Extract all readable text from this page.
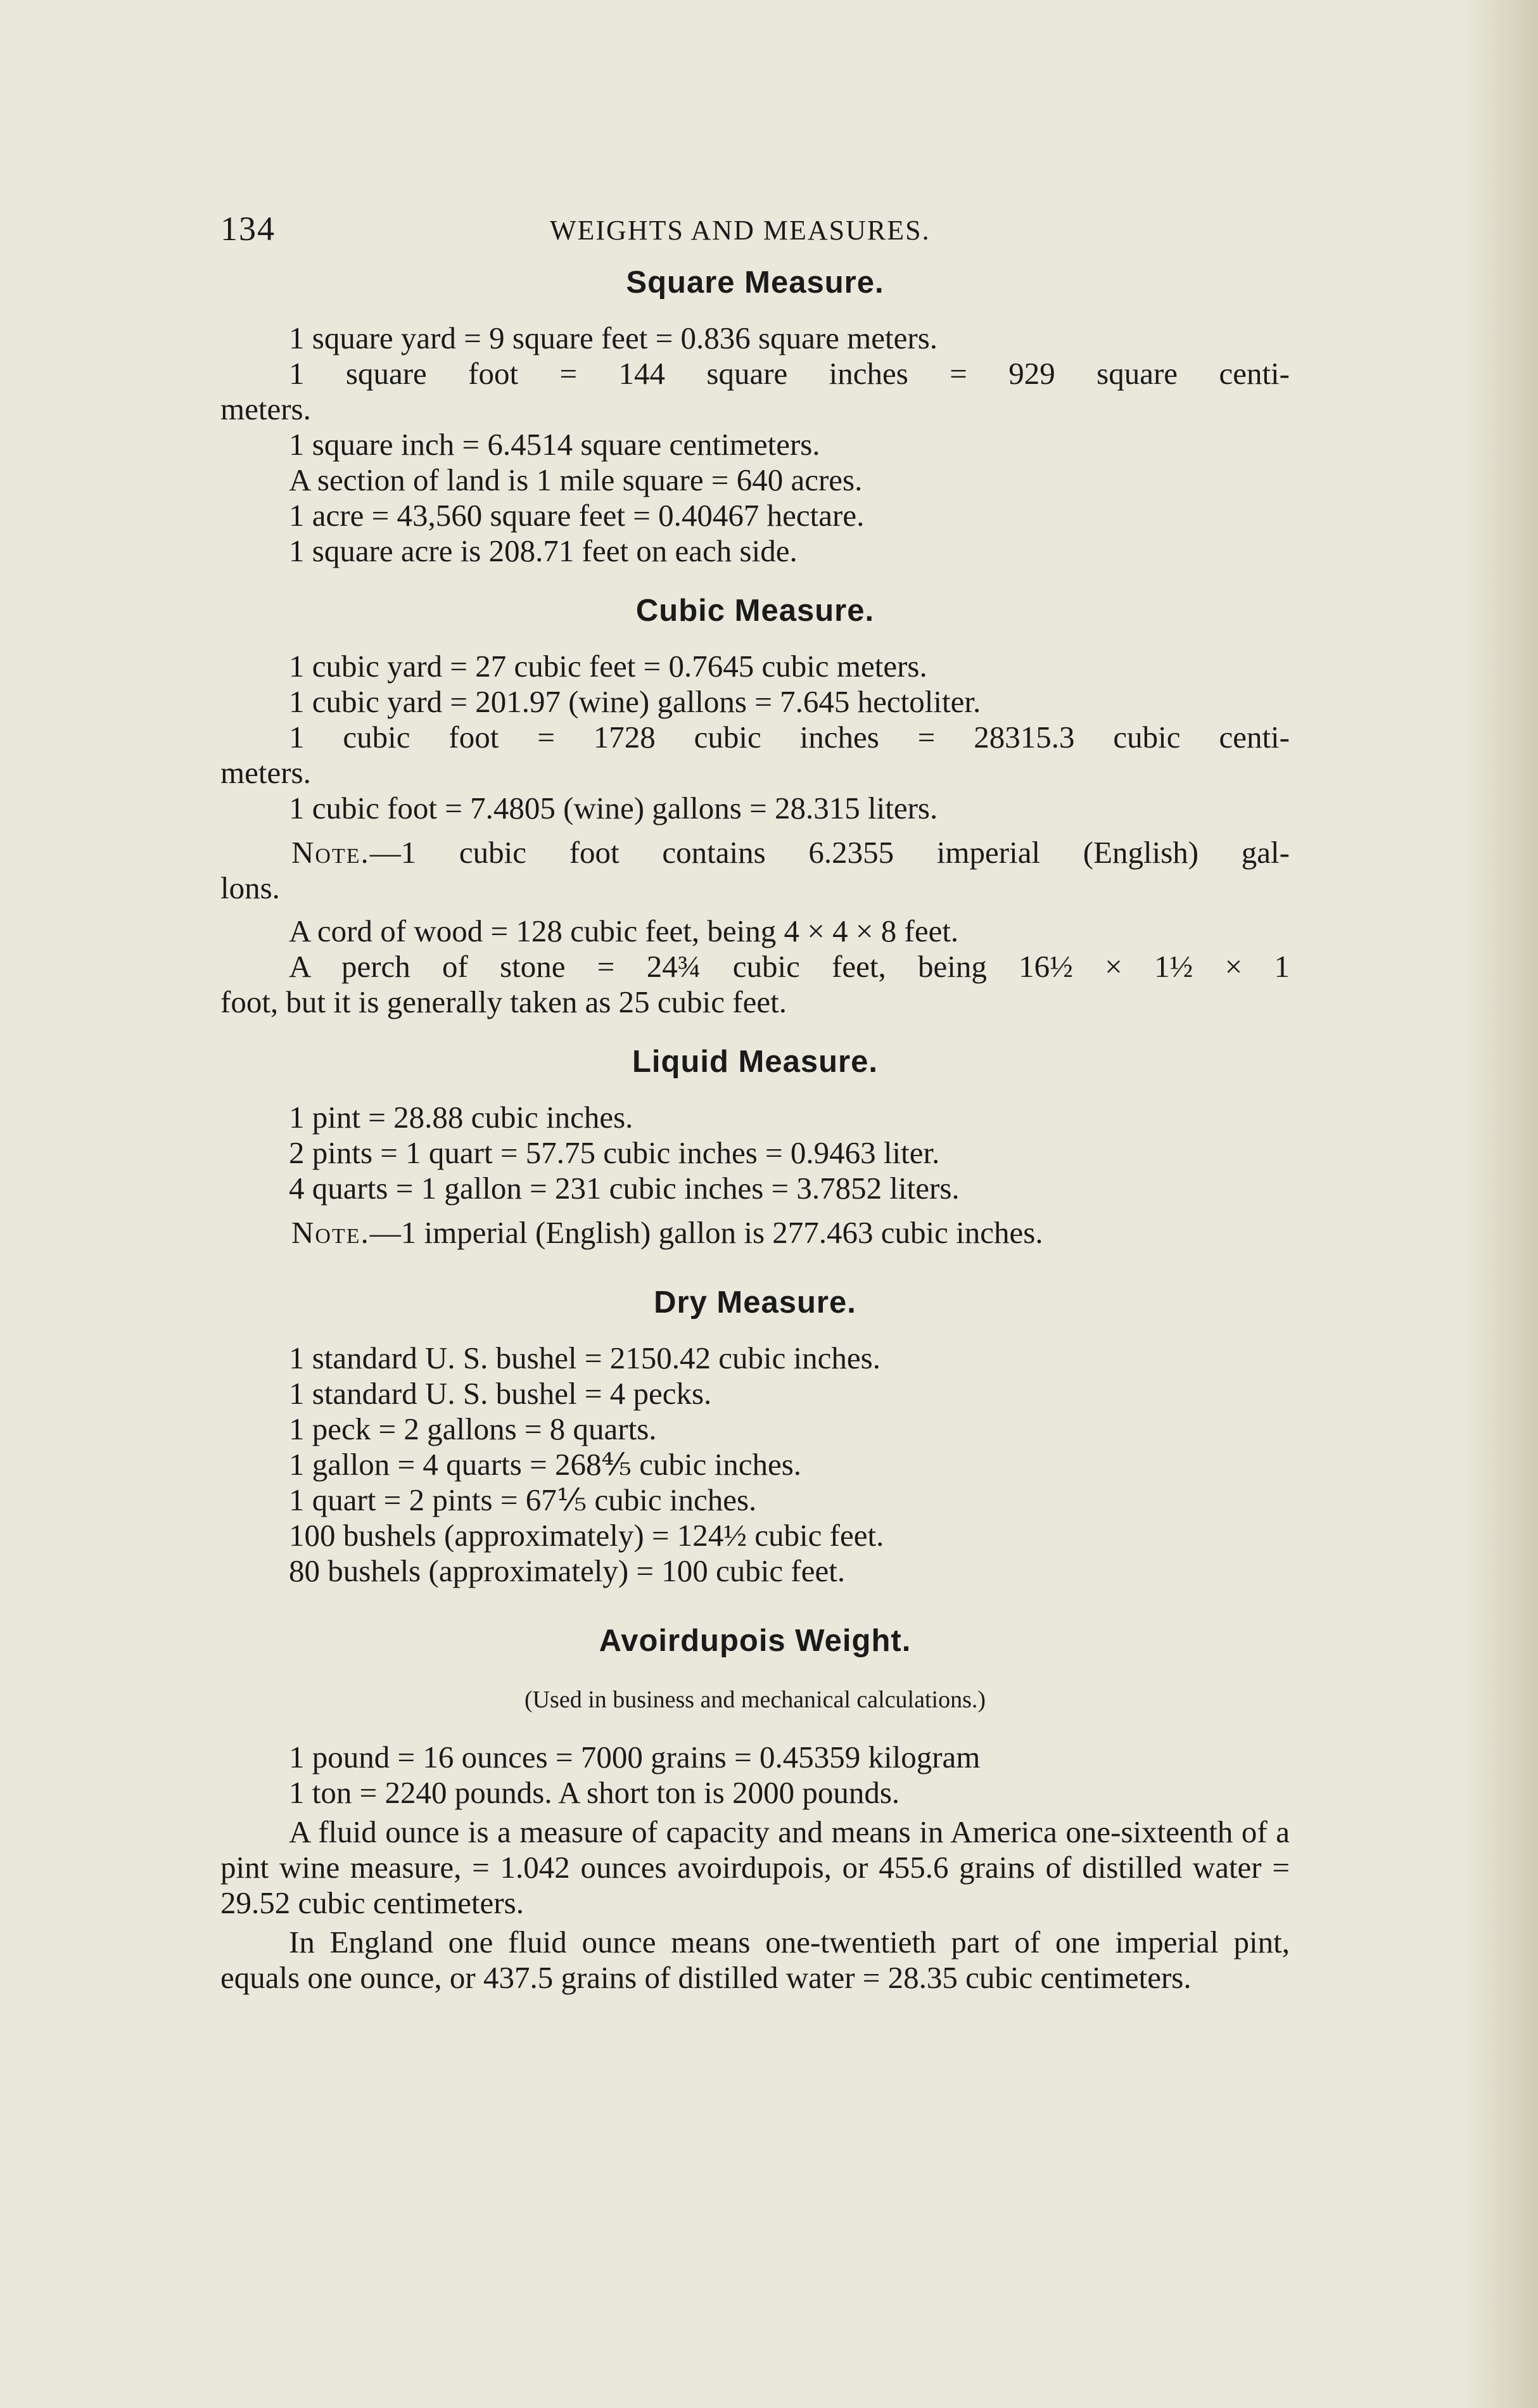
134	WEIGHTS AND MEASURES.
Square Measure.

1 square yard = 9 square feet = 0.836 square meters.

1 square foot = 144 square inches = 929 square centi-

meters.

1 square inch = 6.4514 square centimeters.

A section of land is 1 mile square = 640 acres.

1 acre = 43,560 square feet = 0.40467 hectare.

1 square acre is 208.71 feet on each side.

Cubic Measure.

1 cubic yard = 27 cubic feet = 0.7645 cubic meters.

1 cubic yard = 201.97 (wine) gallons = 7.645 hectoliter.

1 cubic foot = 1728 cubic inches = 28315.3 cubic centi-

meters.

1 cubic foot = 7.4805 (wine) gallons = 28.315 liters.

Note.—1 cubic foot contains 6.2355 imperial (English) gal-

lons.

A cord of wood = 128 cubic feet, being 4 × 4 × 8 feet.

A perch of stone = 24¾ cubic feet, being 16½ × 1½ × 1

foot, but it is generally taken as 25 cubic feet.

Liquid Measure.

1 pint = 28.88 cubic inches.

2 pints = 1 quart = 57.75 cubic inches = 0.9463 liter.

4 quarts = 1 gallon = 231 cubic inches = 3.7852 liters.

Note.—1 imperial (English) gallon is 277.463 cubic inches.

Dry Measure.

1 standard U. S. bushel = 2150.42 cubic inches.

1 standard U. S. bushel = 4 pecks.

1 peck = 2 gallons = 8 quarts.

1 gallon = 4 quarts = 268⅘ cubic inches.

1 quart = 2 pints = 67⅕ cubic inches.

100 bushels (approximately) = 124½ cubic feet.

80 bushels (approximately) = 100 cubic feet.

Avoirdupois Weight.

(Used in business and mechanical calculations.)

1 pound = 16 ounces = 7000 grains = 0.45359 kilogram

1 ton = 2240 pounds. A short ton is 2000 pounds.

A fluid ounce is a measure of capacity and means in America one-sixteenth of a pint wine measure, = 1.042 ounces avoirdupois, or 455.6 grains of distilled water = 29.52 cubic centimeters.

In England one fluid ounce means one-twentieth part of one imperial pint, equals one ounce, or 437.5 grains of distilled water = 28.35 cubic centimeters.
